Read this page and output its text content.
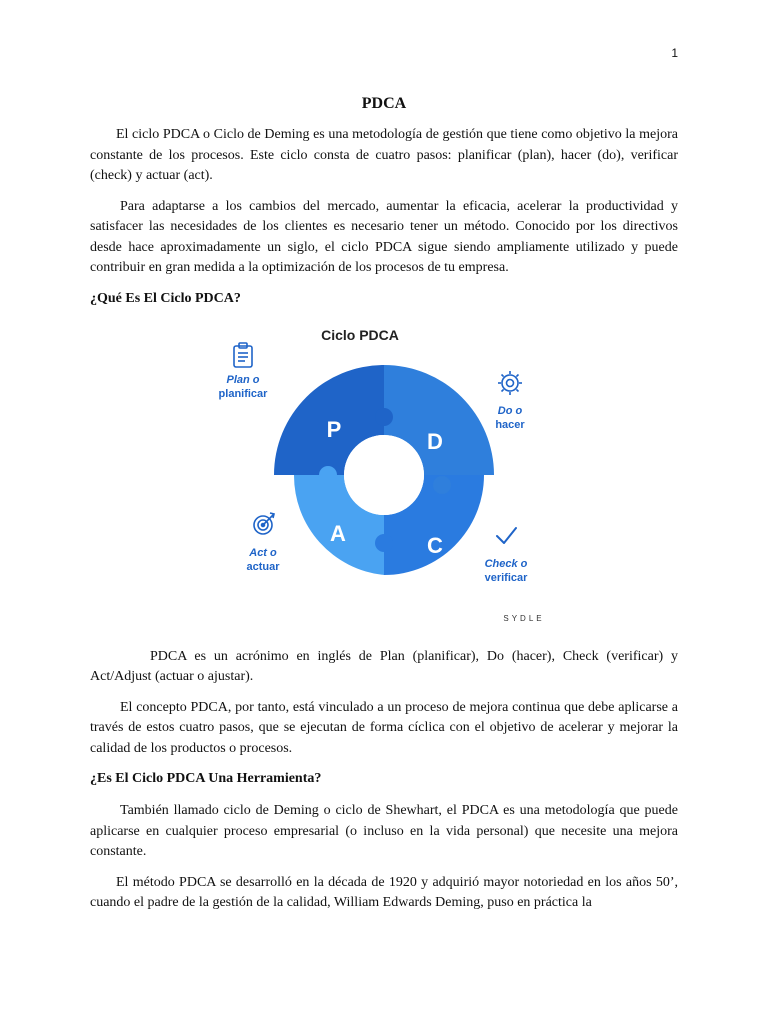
1
PDCA

El ciclo PDCA o Ciclo de Deming es una metodología de gestión que tiene como objetivo la mejora constante de los procesos. Este ciclo consta de cuatro pasos: planificar (plan), hacer (do), verificar (check) y actuar (act).

Para adaptarse a los cambios del mercado, aumentar la eficacia, acelerar la productividad y satisfacer las necesidades de los clientes es necesario tener un método. Conocido por los directivos desde hace aproximadamente un siglo, el ciclo PDCA sigue siendo ampliamente utilizado y puede contribuir en gran medida a la optimización de los procesos de tu empresa.

¿Qué Es El Ciclo PDCA?
Ciclo PDCA
P	D
C
A
Plan o
planificar
Do o
hacer
Check o
verificar
Act o
actuar
SYDLE

PDCA es un acrónimo en inglés de Plan (planificar), Do (hacer), Check (verificar) y Act/Adjust (actuar o ajustar).

El concepto PDCA, por tanto, está vinculado a un proceso de mejora continua que debe aplicarse a través de estos cuatro pasos, que se ejecutan de forma cíclica con el objetivo de acelerar y mejorar la calidad de los productos o procesos.

¿Es El Ciclo PDCA Una Herramienta?

También llamado ciclo de Deming o ciclo de Shewhart, el PDCA es una metodología que puede aplicarse en cualquier proceso empresarial (o incluso en la vida personal) que necesite una mejora constante.

El método PDCA se desarrolló en la década de 1920 y adquirió mayor notoriedad en los años 50’, cuando el padre de la gestión de la calidad, William Edwards Deming, puso en práctica la
